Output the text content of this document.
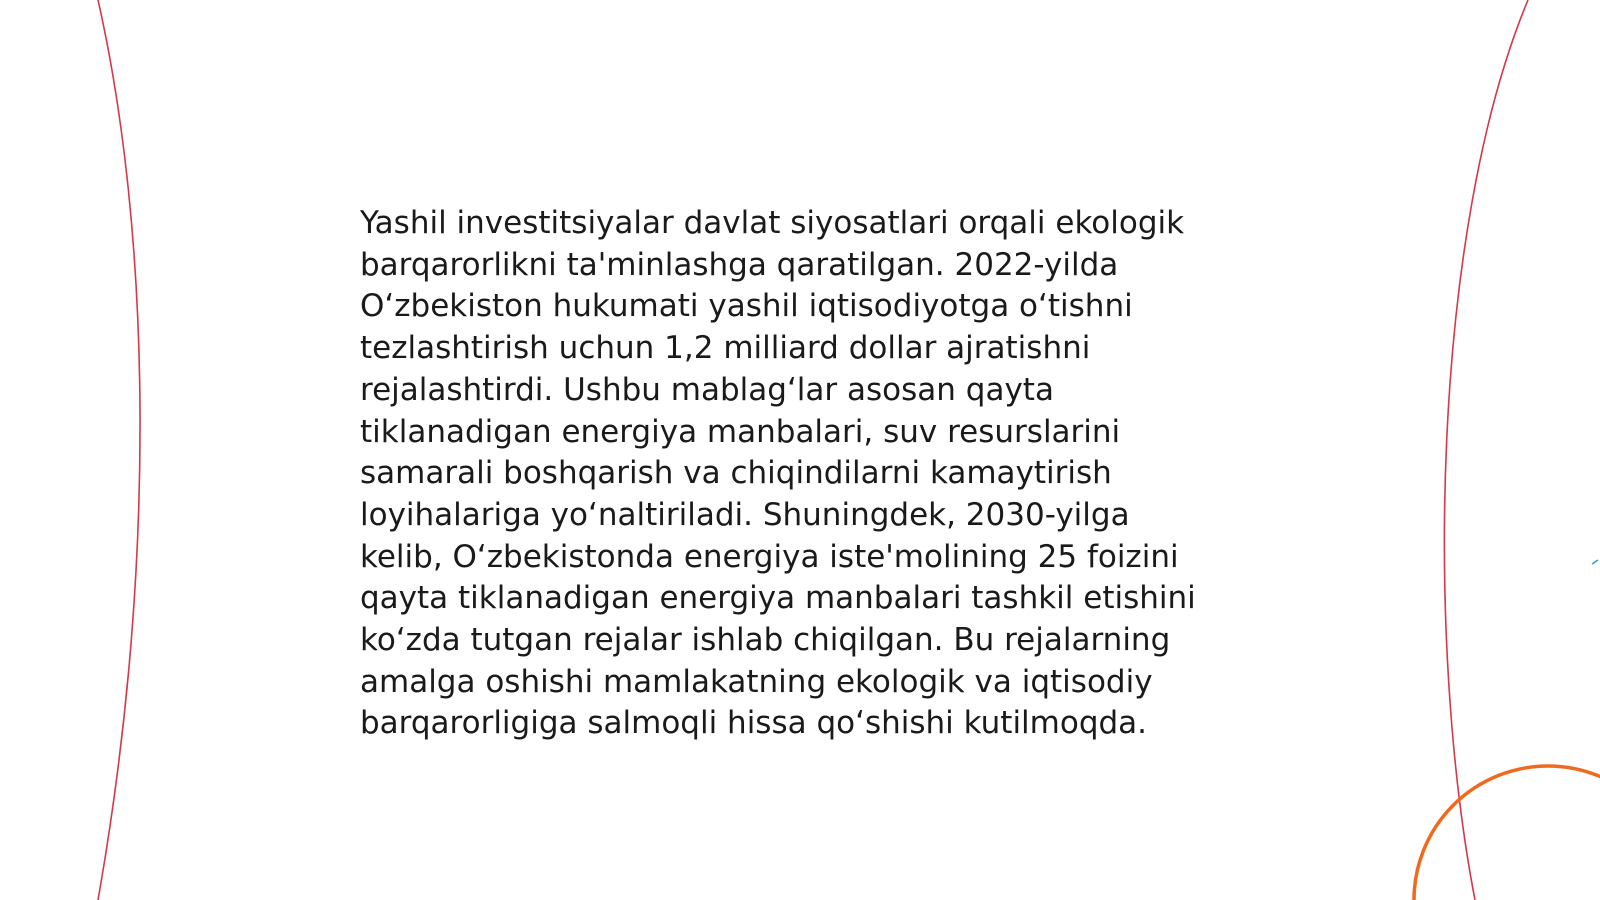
Yashil investitsiyalar davlat siyosatlari orqali ekologik
barqarorlikni ta'minlashga qaratilgan. 2022-yilda
O‘zbekiston hukumati yashil iqtisodiyotga o‘tishni
tezlashtirish uchun 1,2 milliard dollar ajratishni
rejalashtirdi. Ushbu mablag‘lar asosan qayta
tiklanadigan energiya manbalari, suv resurslarini
samarali boshqarish va chiqindilarni kamaytirish
loyihalariga yo‘naltiriladi. Shuningdek, 2030-yilga
kelib, O‘zbekistonda energiya iste'molining 25 foizini
qayta tiklanadigan energiya manbalari tashkil etishini
ko‘zda tutgan rejalar ishlab chiqilgan. Bu rejalarning
amalga oshishi mamlakatning ekologik va iqtisodiy
barqarorligiga salmoqli hissa qo‘shishi kutilmoqda.
